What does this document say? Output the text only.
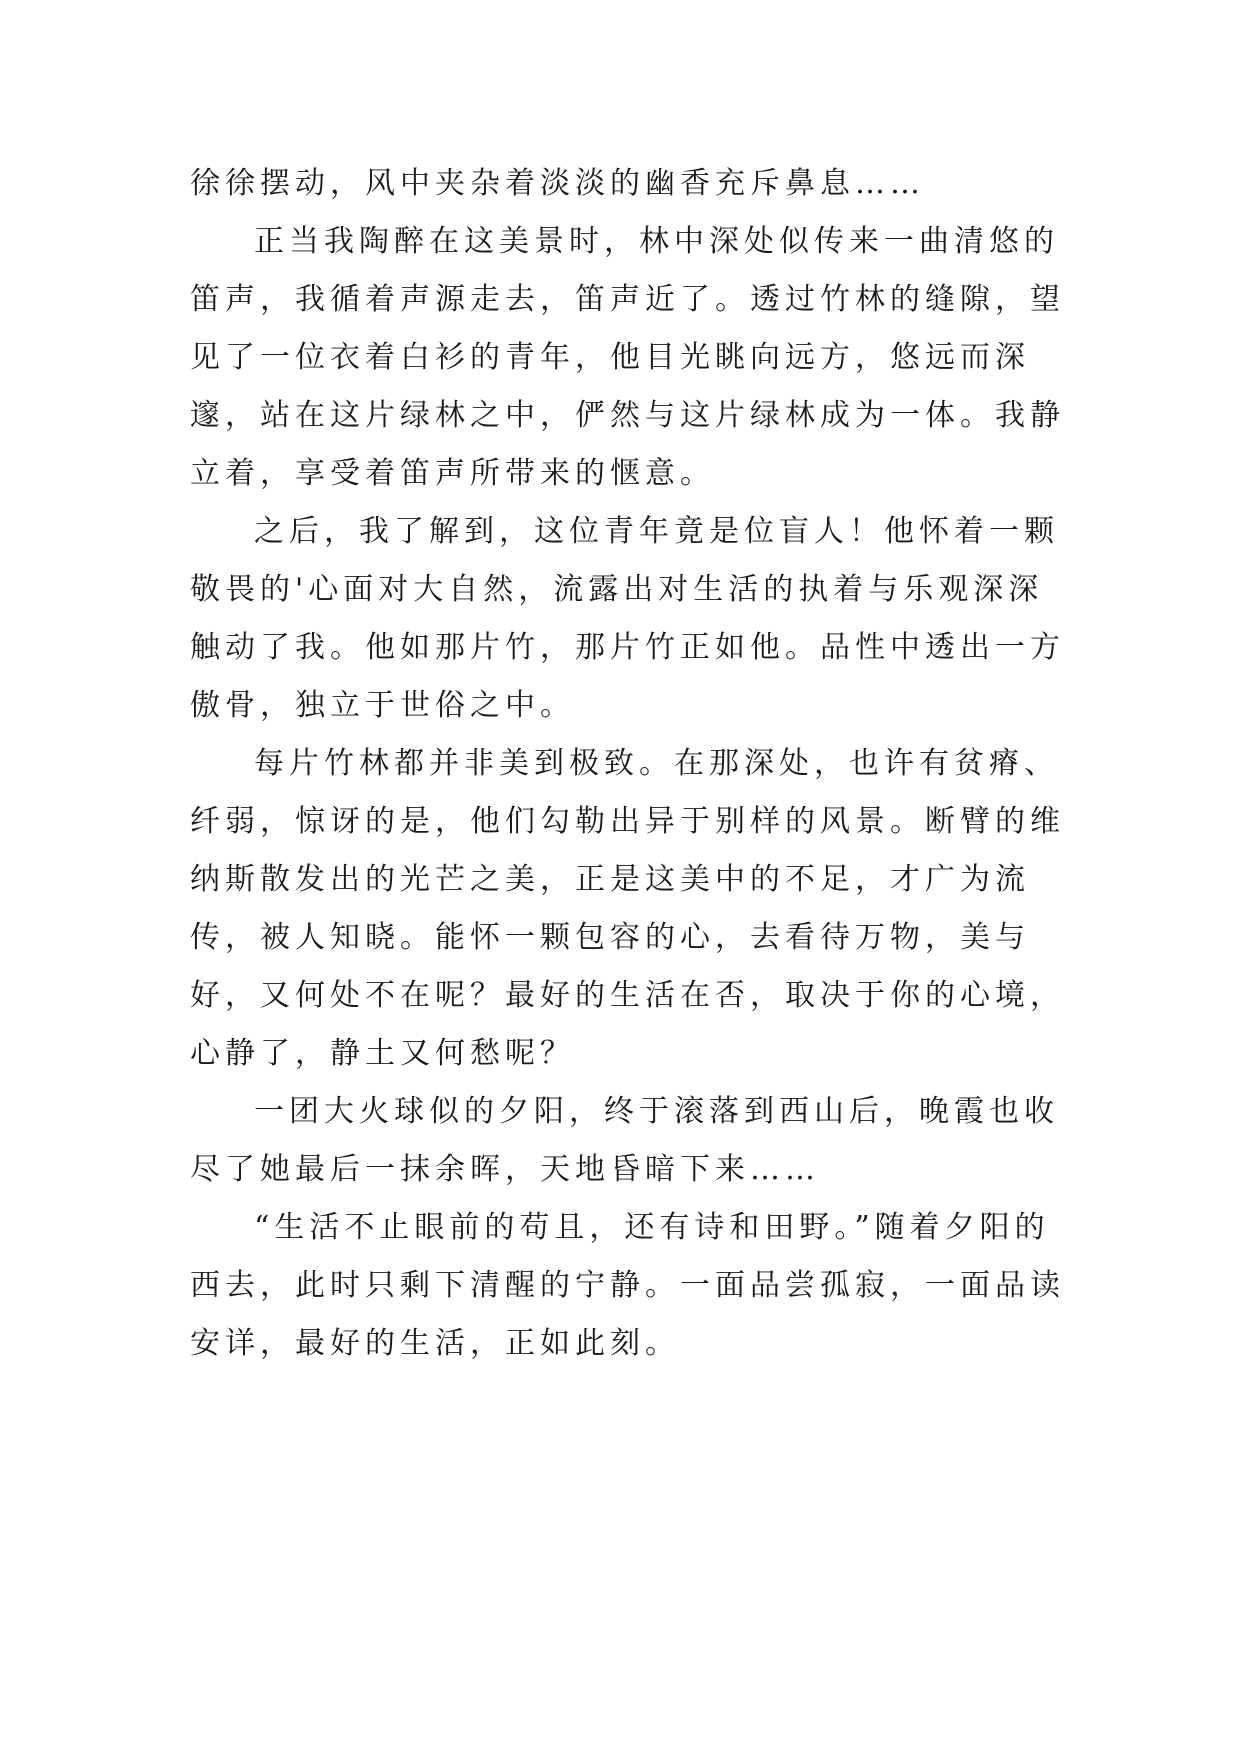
徐徐摆动，风中夹杂着淡淡的幽香充斥鼻息……

正当我陶醉在这美景时，林中深处似传来一曲清悠的笛声，我循着声源走去，笛声近了。透过竹林的缝隙，望见了一位衣着白衫的青年，他目光眺向远方，悠远而深邃，站在这片绿林之中，俨然与这片绿林成为一体。我静立着，享受着笛声所带来的惬意。

之后，我了解到，这位青年竟是位盲人！他怀着一颗敬畏的'心面对大自然，流露出对生活的执着与乐观深深触动了我。他如那片竹，那片竹正如他。品性中透出一方傲骨，独立于世俗之中。

每片竹林都并非美到极致。在那深处，也许有贫瘠、纤弱，惊讶的是，他们勾勒出异于别样的风景。断臂的维纳斯散发出的光芒之美，正是这美中的不足，才广为流传，被人知晓。能怀一颗包容的心，去看待万物，美与好，又何处不在呢？最好的生活在否，取决于你的心境，心静了，静土又何愁呢？

一团大火球似的夕阳，终于滚落到西山后，晚霞也收尽了她最后一抹余晖，天地昏暗下来……

“生活不止眼前的苟且，还有诗和田野。”随着夕阳的西去，此时只剩下清醒的宁静。一面品尝孤寂，一面品读安详，最好的生活，正如此刻。
